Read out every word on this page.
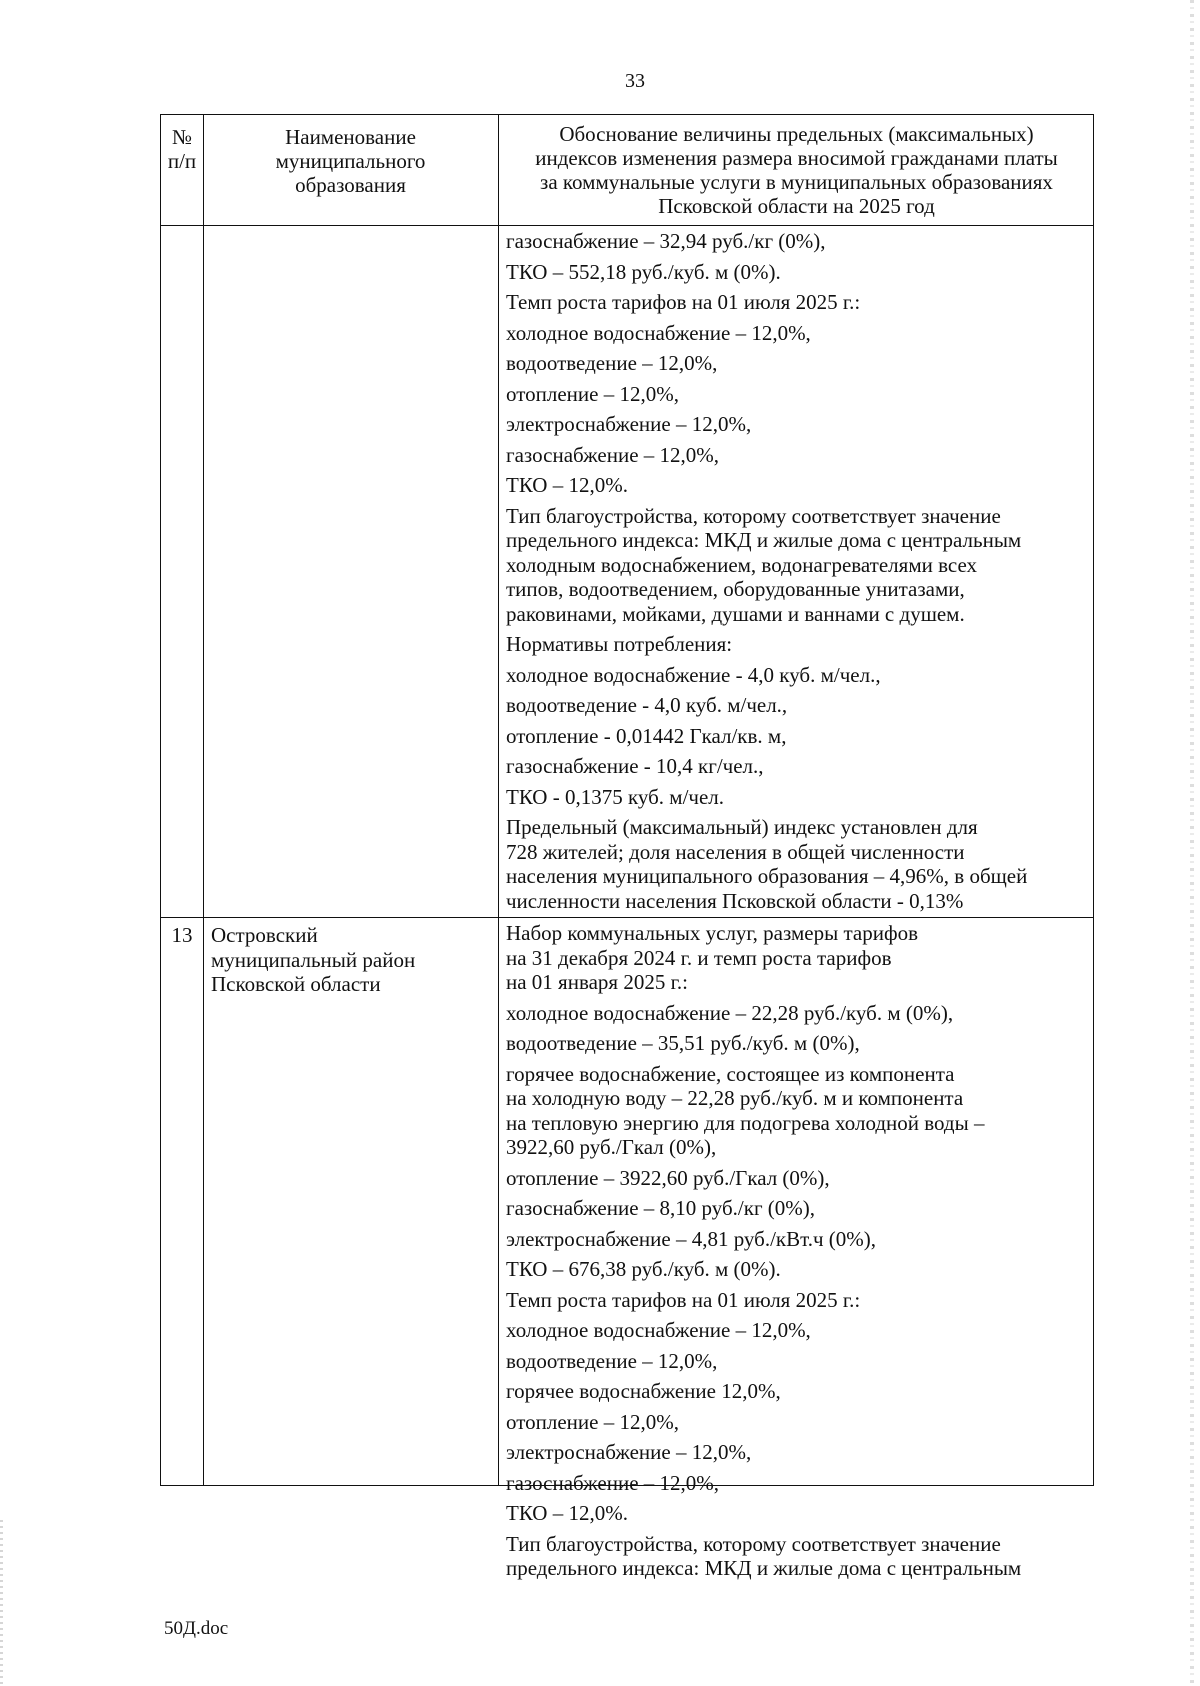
33
№
п/п
Наименование
муниципального
образования
Обоснование величины предельных (максимальных)
индексов изменения размера вносимой гражданами платы
за коммунальные услуги в муниципальных образованиях
Псковской области на 2025 год
газоснабжение – 32,94 руб./кг (0%),
ТКО – 552,18 руб./куб. м (0%).
Темп роста тарифов на 01 июля 2025 г.:
холодное водоснабжение – 12,0%,
водоотведение – 12,0%,
отопление – 12,0%,
электроснабжение – 12,0%,
газоснабжение – 12,0%,
ТКО – 12,0%.
Тип благоустройства, которому соответствует значение
предельного индекса: МКД и жилые дома с центральным
холодным водоснабжением, водонагревателями всех
типов, водоотведением, оборудованные унитазами,
раковинами, мойками, душами и ваннами с душем.
Нормативы потребления:
холодное водоснабжение - 4,0 куб. м/чел.,
водоотведение - 4,0 куб. м/чел.,
отопление - 0,01442 Гкал/кв. м,
газоснабжение - 10,4 кг/чел.,
ТКО - 0,1375 куб. м/чел.
Предельный (максимальный) индекс установлен для
728 жителей; доля населения в общей численности
населения муниципального образования – 4,96%, в общей
численности населения Псковской области - 0,13%
13 Островский
муниципальный район
Псковской области
Набор коммунальных услуг, размеры тарифов
на 31 декабря 2024 г. и темп роста тарифов
на 01 января 2025 г.:
холодное водоснабжение – 22,28 руб./куб. м (0%),
водоотведение – 35,51 руб./куб. м (0%),
горячее водоснабжение, состоящее из компонента
на холодную воду – 22,28 руб./куб. м и компонента
на тепловую энергию для подогрева холодной воды –
3922,60 руб./Гкал (0%),
отопление – 3922,60 руб./Гкал (0%),
газоснабжение – 8,10 руб./кг (0%),
электроснабжение – 4,81 руб./кВт.ч (0%),
ТКО – 676,38 руб./куб. м (0%).
Темп роста тарифов на 01 июля 2025 г.:
холодное водоснабжение – 12,0%,
водоотведение – 12,0%,
горячее водоснабжение 12,0%,
отопление – 12,0%,
электроснабжение – 12,0%,
газоснабжение – 12,0%,
ТКО – 12,0%.
Тип благоустройства, которому соответствует значение
предельного индекса: МКД и жилые дома с центральным
50Д.doc
